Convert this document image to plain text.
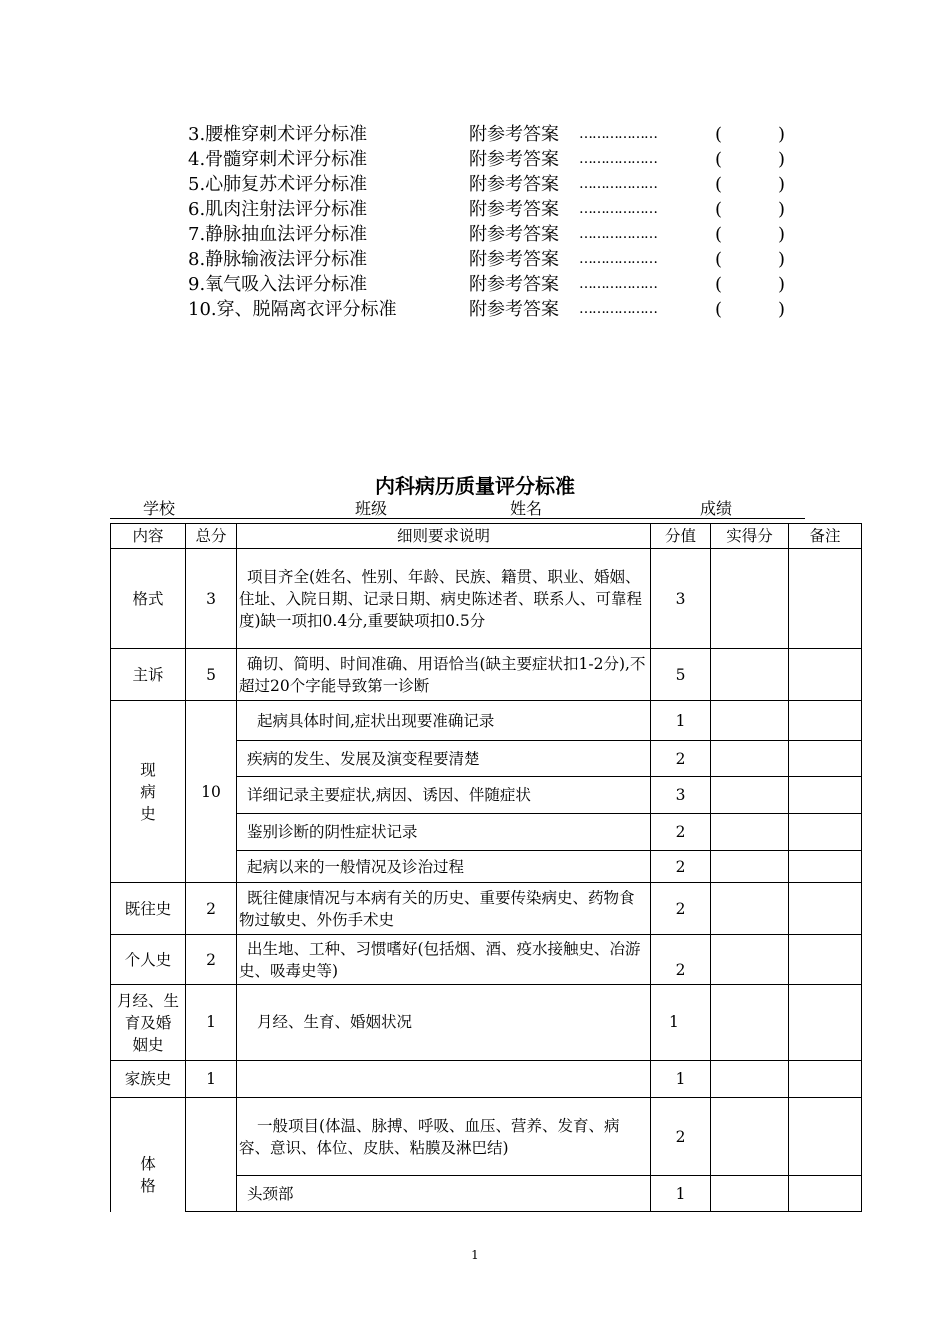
3.腰椎穿刺术评分标准	附参考答案 ………………	(	)
4.骨髓穿刺术评分标准	附参考答案 ………………	(	)
5.心肺复苏术评分标准	附参考答案 ………………	(	)
6.肌肉注射法评分标准	附参考答案 ………………	(	)
7.静脉抽血法评分标准	附参考答案 ………………	(	)
8.静脉输液法评分标准	附参考答案 ………………	(	)
9.氧气吸入法评分标准	附参考答案 ………………	(	)
10.穿、脱隔离衣评分标准	附参考答案 ………………	(	)
内科病历质量评分标准
学校	班级	姓名	成绩
内容	总分	细则要求说明	分值	实得分	备注
格式	3	项目齐全(姓名、性别、年龄、民族、籍贯、职业、婚姻、住址、入院日期、记录日期、病史陈述者、联系人、可靠程度)缺一项扣0.4分,重要缺项扣0.5分	3		
主诉	5	确切、简明、时间准确、用语恰当(缺主要症状扣1-2分),不超过20个字能导致第一诊断	5		

现
病
史	10	起病具体时间,症状出现要准确记录	1		
		疾病的发生、发展及演变程要清楚	2		
		详细记录主要症状,病因、诱因、伴随症状	3		
		鉴别诊断的阴性症状记录	2		
		起病以来的一般情况及诊治过程	2		
既往史	2	既往健康情况与本病有关的历史、重要传染病史、药物食物过敏史、外伤手术史	2		
个人史	2	出生地、工种、习惯嗜好(包括烟、酒、疫水接触史、冶游史、吸毒史等)	2		

月经、生
育及婚
姻史	1	月经、生育、婚姻状况	1		
家族史	1		1		

体
格		一般项目(体温、脉搏、呼吸、血压、营养、发育、病容、意识、体位、皮肤、粘膜及淋巴结)	2		
		头颈部	1		
1
